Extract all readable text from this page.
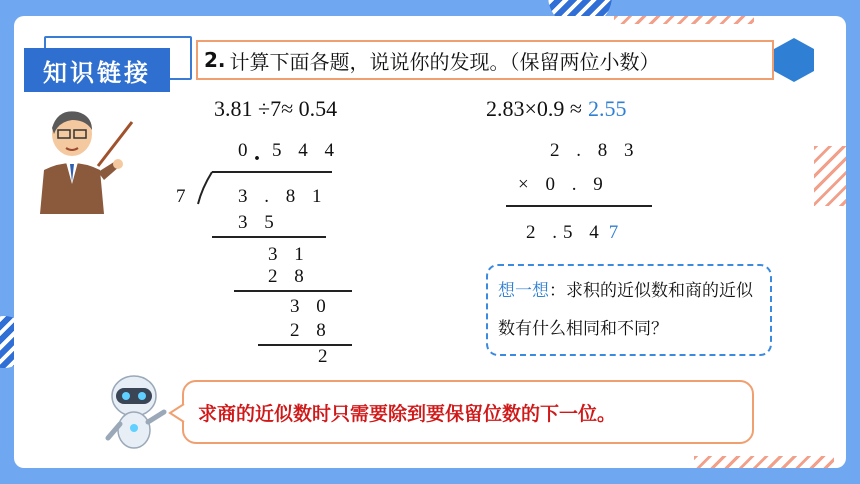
知识链接	2. 计算下面各题，说说你的发现。（保留两位小数）
3.81 ÷7≈ 0.54
0 . 5 4 4
7 3 . 8 1
3 5
3 1
2 8
3 0
2 8
2
2.83×0.9 ≈ 2.55
2 . 8 3
× 0 . 9
2 .5 4 7
想一想：求积的近似数和商的近似数有什么相同和不同？
求商的近似数时只需要除到要保留位数的下一位。
